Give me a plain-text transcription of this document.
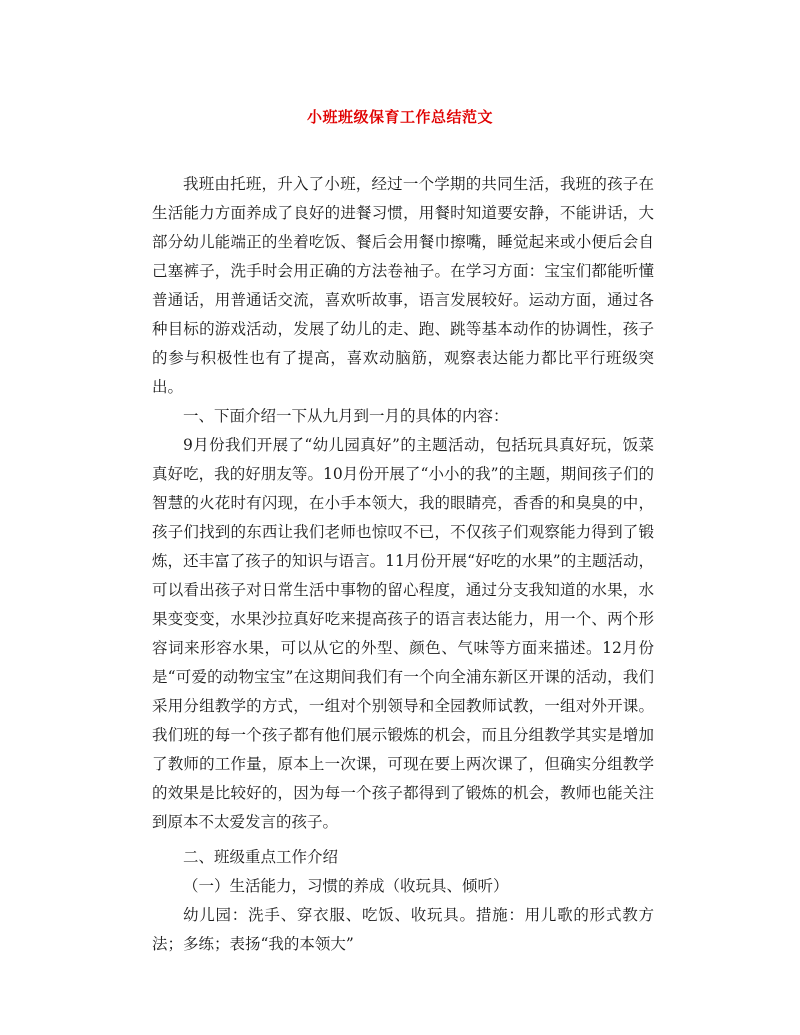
小班班级保育工作总结范文

我班由托班，升入了小班，经过一个学期的共同生活，我班的孩子在生活能力方面养成了良好的进餐习惯，用餐时知道要安静，不能讲话，大部分幼儿能端正的坐着吃饭、餐后会用餐巾擦嘴，睡觉起来或小便后会自己塞裤子，洗手时会用正确的方法卷袖子。在学习方面：宝宝们都能听懂普通话，用普通话交流，喜欢听故事，语言发展较好。运动方面，通过各种目标的游戏活动，发展了幼儿的走、跑、跳等基本动作的协调性，孩子的参与积极性也有了提高，喜欢动脑筋，观察表达能力都比平行班级突出。

一、下面介绍一下从九月到一月的具体的内容：

9月份我们开展了“幼儿园真好”的主题活动，包括玩具真好玩，饭菜真好吃，我的好朋友等。10月份开展了“小小的我”的主题，期间孩子们的智慧的火花时有闪现，在小手本领大，我的眼睛亮，香香的和臭臭的中，孩子们找到的东西让我们老师也惊叹不已，不仅孩子们观察能力得到了锻炼，还丰富了孩子的知识与语言。11月份开展“好吃的水果”的主题活动，可以看出孩子对日常生活中事物的留心程度，通过分支我知道的水果，水果变变变，水果沙拉真好吃来提高孩子的语言表达能力，用一个、两个形容词来形容水果，可以从它的外型、颜色、气味等方面来描述。12月份是“可爱的动物宝宝”在这期间我们有一个向全浦东新区开课的活动，我们采用分组教学的方式，一组对个别领导和全园教师试教，一组对外开课。我们班的每一个孩子都有他们展示锻炼的机会，而且分组教学其实是增加了教师的工作量，原本上一次课，可现在要上两次课了，但确实分组教学的效果是比较好的，因为每一个孩子都得到了锻炼的机会，教师也能关注到原本不太爱发言的孩子。

二、班级重点工作介绍

（一）生活能力，习惯的养成（收玩具、倾听）

幼儿园：洗手、穿衣服、吃饭、收玩具。措施：用儿歌的形式教方法；多练；表扬“我的本领大”
